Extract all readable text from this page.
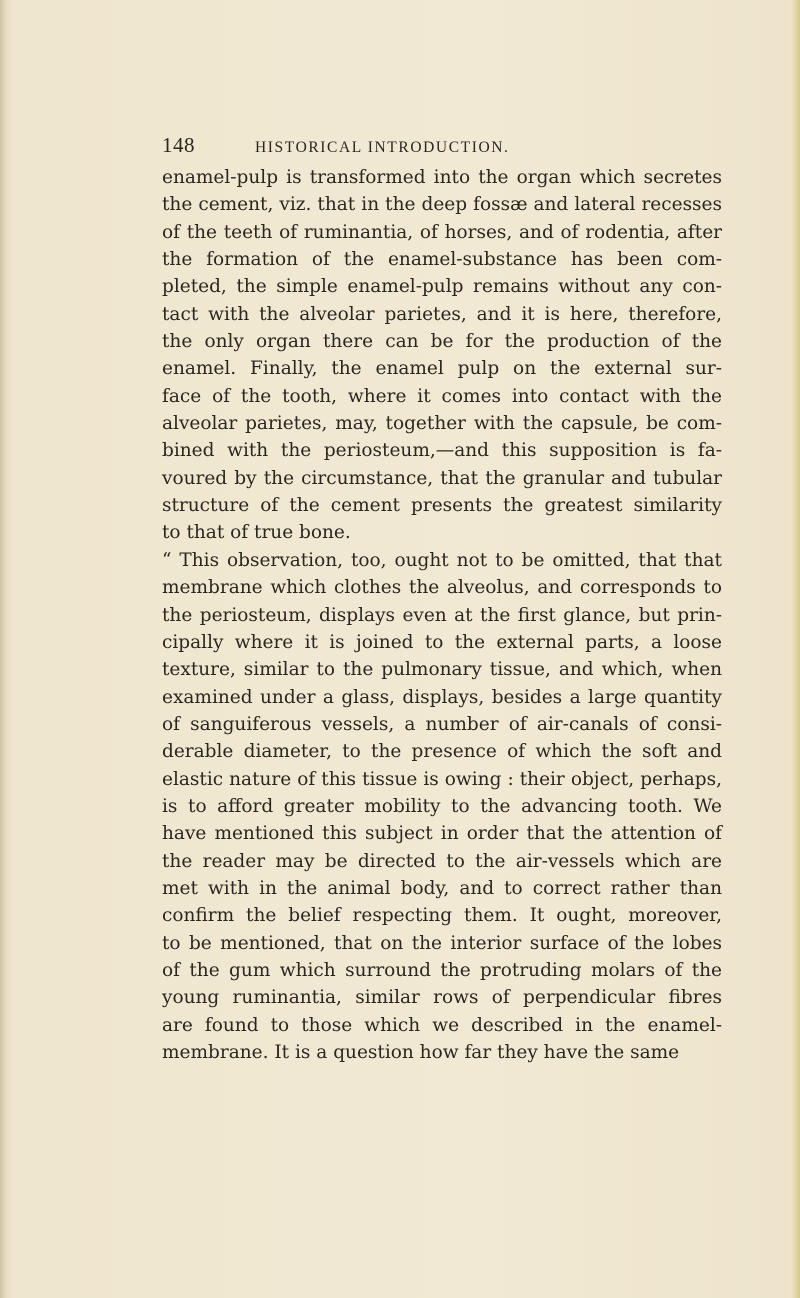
148	HISTORICAL INTRODUCTION.
enamel-pulp is transformed into the organ which secretes
the cement, viz. that in the deep fossæ and lateral recesses
of the teeth of ruminantia, of horses, and of rodentia, after
the formation of the enamel-substance has been com-
pleted, the simple enamel-pulp remains without any con-
tact with the alveolar parietes, and it is here, therefore,
the only organ there can be for the production of the
enamel. Finally, the enamel pulp on the external sur-
face of the tooth, where it comes into contact with the
alveolar parietes, may, together with the capsule, be com-
bined with the periosteum,—and this supposition is fa-
voured by the circumstance, that the granular and tubular
structure of the cement presents the greatest similarity
to that of true bone.
“ This observation, too, ought not to be omitted, that that
membrane which clothes the alveolus, and corresponds to
the periosteum, displays even at the first glance, but prin-
cipally where it is joined to the external parts, a loose
texture, similar to the pulmonary tissue, and which, when
examined under a glass, displays, besides a large quantity
of sanguiferous vessels, a number of air-canals of consi-
derable diameter, to the presence of which the soft and
elastic nature of this tissue is owing : their object, perhaps,
is to afford greater mobility to the advancing tooth. We
have mentioned this subject in order that the attention of
the reader may be directed to the air-vessels which are
met with in the animal body, and to correct rather than
confirm the belief respecting them. It ought, moreover,
to be mentioned, that on the interior surface of the lobes
of the gum which surround the protruding molars of the
young ruminantia, similar rows of perpendicular fibres
are found to those which we described in the enamel-
membrane. It is a question how far they have the same
